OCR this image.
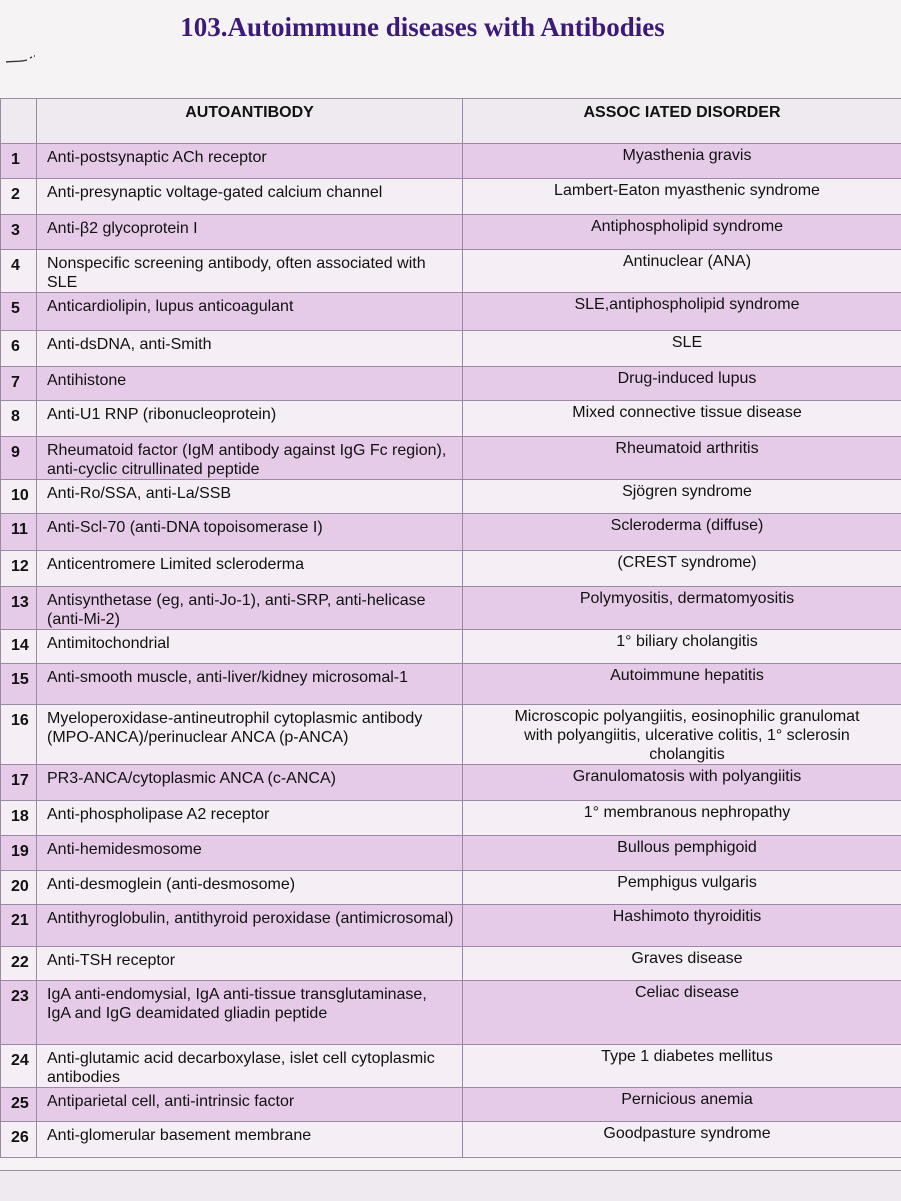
103.Autoimmune diseases with Antibodies
	AUTOANTIBODY	ASSOC IATED DISORDER
1	Anti-postsynaptic ACh receptor	Myasthenia gravis
2	Anti-presynaptic voltage-gated calcium channel	Lambert-Eaton myasthenic syndrome
3	Anti-β2 glycoprotein I	Antiphospholipid syndrome
4	Nonspecific screening antibody, often associated with SLE	Antinuclear (ANA)
5	Anticardiolipin, lupus anticoagulant	SLE,antiphospholipid syndrome
6	Anti-dsDNA, anti-Smith	SLE
7	Antihistone	Drug-induced lupus
8	Anti-U1 RNP (ribonucleoprotein)	Mixed connective tissue disease
9	Rheumatoid factor (IgM antibody against IgG Fc region), anti-cyclic citrullinated peptide	Rheumatoid arthritis
10	Anti-Ro/SSA, anti-La/SSB	Sjögren syndrome
11	Anti-Scl-70 (anti-DNA topoisomerase I)	Scleroderma (diffuse)
12	Anticentromere Limited scleroderma	(CREST syndrome)
13	Antisynthetase (eg, anti-Jo-1), anti-SRP, anti-helicase (anti-Mi-2)	Polymyositis, dermatomyositis
14	Antimitochondrial	1° biliary cholangitis
15	Anti-smooth muscle, anti-liver/kidney microsomal-1	Autoimmune hepatitis
16	Myeloperoxidase-antineutrophil cytoplasmic antibody (MPO-ANCA)/perinuclear ANCA (p-ANCA)	Microscopic polyangiitis, eosinophilic granulomat
with polyangiitis, ulcerative colitis, 1° sclerosin
cholangitis

17	PR3-ANCA/cytoplasmic ANCA (c-ANCA)	Granulomatosis with polyangiitis
18	Anti-phospholipase A2 receptor	1° membranous nephropathy
19	Anti-hemidesmosome	Bullous pemphigoid
20	Anti-desmoglein (anti-desmosome)	Pemphigus vulgaris
21	Antithyroglobulin, antithyroid peroxidase (antimicrosomal)	Hashimoto thyroiditis
22	Anti-TSH receptor	Graves disease
23	IgA anti-endomysial, IgA anti-tissue transglutaminase, IgA and IgG deamidated gliadin peptide	Celiac disease
24	Anti-glutamic acid decarboxylase, islet cell cytoplasmic antibodies	Type 1 diabetes mellitus
25	Antiparietal cell, anti-intrinsic factor	Pernicious anemia
26	Anti-glomerular basement membrane	Goodpasture syndrome
